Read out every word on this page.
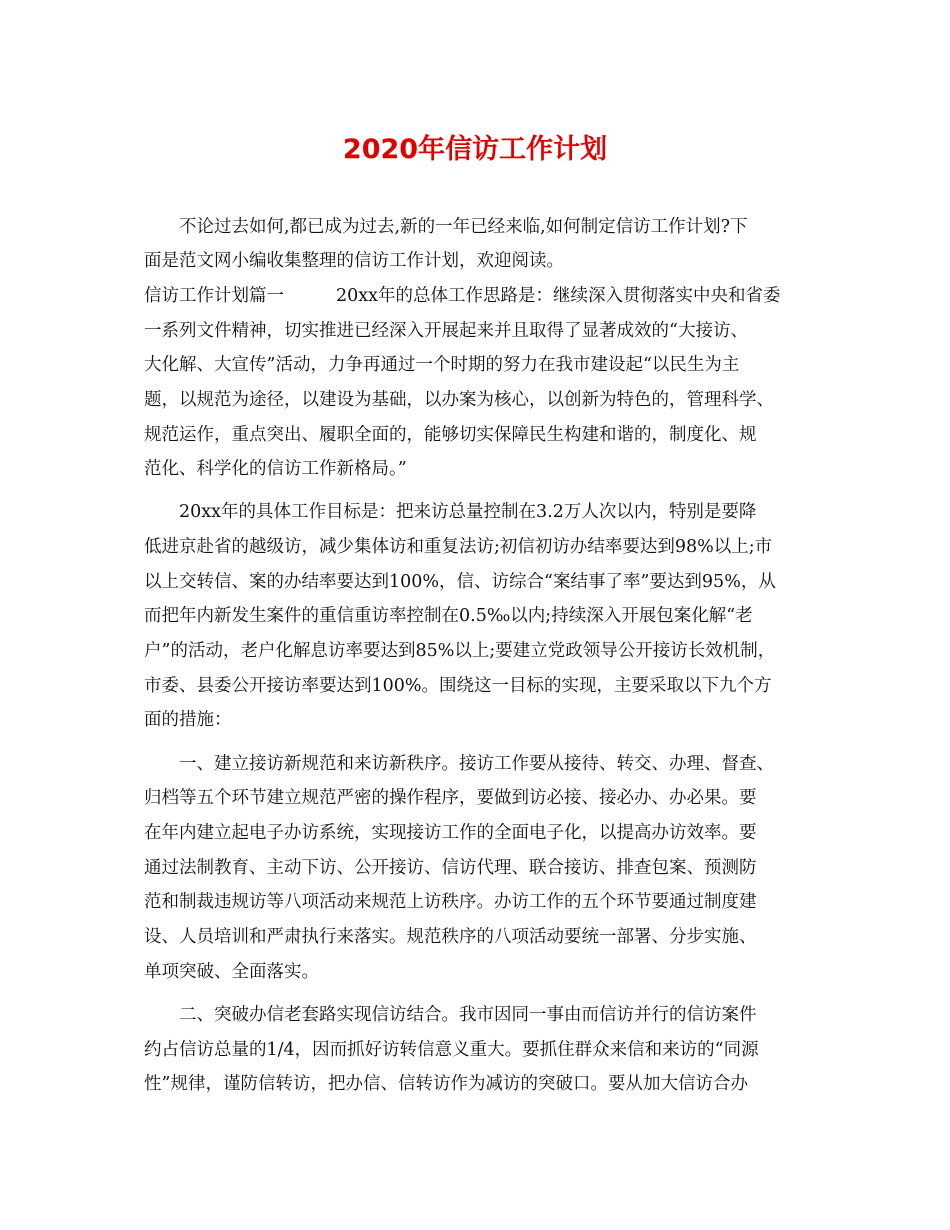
2020年信访工作计划
不论过去如何,都已成为过去,新的一年已经来临,如何制定信访工作计划?下
面是范文网小编收集整理的信访工作计划，欢迎阅读。
信访工作计划篇一	20xx年的总体工作思路是：继续深入贯彻落实中央和省委
一系列文件精神，切实推进已经深入开展起来并且取得了显著成效的“大接访、
大化解、大宣传”活动，力争再通过一个时期的努力在我市建设起“以民生为主
题，以规范为途径，以建设为基础，以办案为核心，以创新为特色的，管理科学、
规范运作，重点突出、履职全面的，能够切实保障民生构建和谐的，制度化、规
范化、科学化的信访工作新格局。”
20xx年的具体工作目标是：把来访总量控制在3.2万人次以内，特别是要降
低进京赴省的越级访，减少集体访和重复法访;初信初访办结率要达到98%以上;市
以上交转信、案的办结率要达到100%，信、访综合“案结事了率”要达到95%，从
而把年内新发生案件的重信重访率控制在0.5‰以内;持续深入开展包案化解“老
户”的活动，老户化解息访率要达到85%以上;要建立党政领导公开接访长效机制，
市委、县委公开接访率要达到100%。围绕这一目标的实现，主要采取以下九个方
面的措施：
一、建立接访新规范和来访新秩序。接访工作要从接待、转交、办理、督查、
归档等五个环节建立规范严密的操作程序，要做到访必接、接必办、办必果。要
在年内建立起电子办访系统，实现接访工作的全面电子化，以提高办访效率。要
通过法制教育、主动下访、公开接访、信访代理、联合接访、排查包案、预测防
范和制裁违规访等八项活动来规范上访秩序。办访工作的五个环节要通过制度建
设、人员培训和严肃执行来落实。规范秩序的八项活动要统一部署、分步实施、
单项突破、全面落实。
二、突破办信老套路实现信访结合。我市因同一事由而信访并行的信访案件
约占信访总量的1/4，因而抓好访转信意义重大。要抓住群众来信和来访的“同源
性”规律，谨防信转访，把办信、信转访作为减访的突破口。要从加大信访合办
